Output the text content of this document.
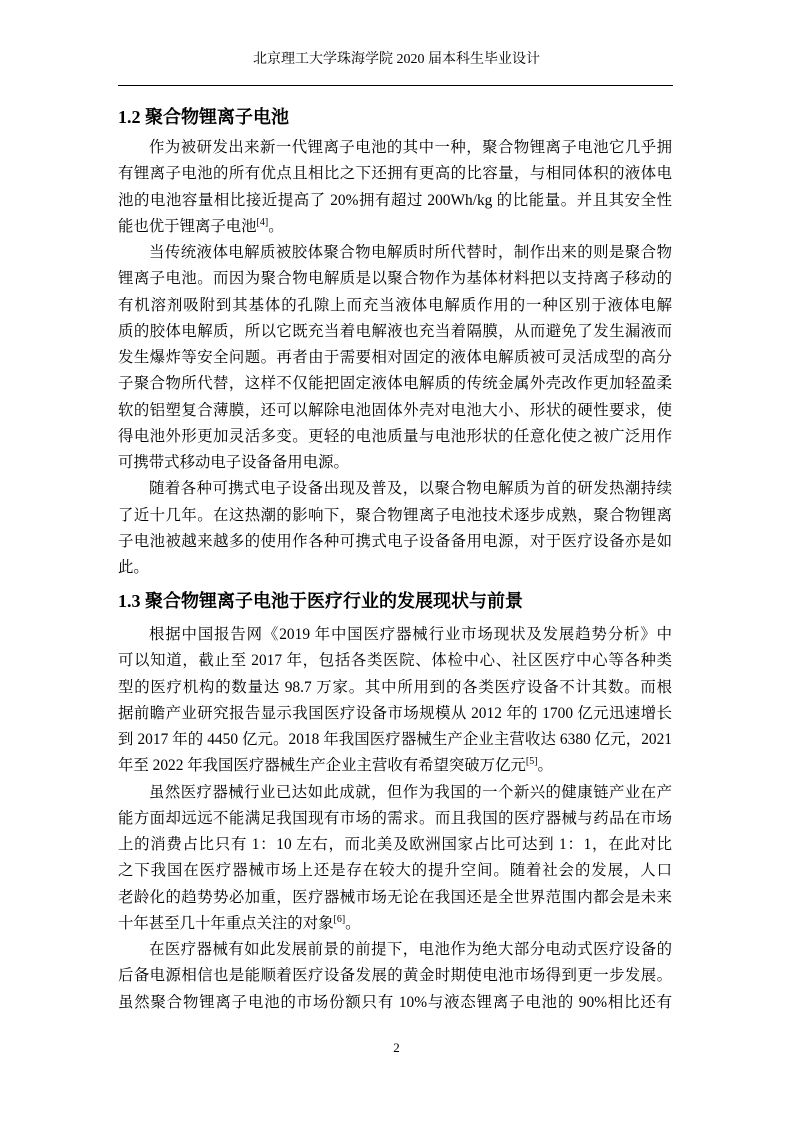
北京理工大学珠海学院 2020 届本科生毕业设计
1.2 聚合物锂离子电池
作为被研发出来新一代锂离子电池的其中一种，聚合物锂离子电池它几乎拥
有锂离子电池的所有优点且相比之下还拥有更高的比容量，与相同体积的液体电
池的电池容量相比接近提高了 20%拥有超过 200Wh/kg 的比能量。并且其安全性
能也优于锂离子电池[4]。
当传统液体电解质被胶体聚合物电解质时所代替时，制作出来的则是聚合物
锂离子电池。而因为聚合物电解质是以聚合物作为基体材料把以支持离子移动的
有机溶剂吸附到其基体的孔隙上而充当液体电解质作用的一种区别于液体电解
质的胶体电解质，所以它既充当着电解液也充当着隔膜，从而避免了发生漏液而
发生爆炸等安全问题。再者由于需要相对固定的液体电解质被可灵活成型的高分
子聚合物所代替，这样不仅能把固定液体电解质的传统金属外壳改作更加轻盈柔
软的铝塑复合薄膜，还可以解除电池固体外壳对电池大小、形状的硬性要求，使
得电池外形更加灵活多变。更轻的电池质量与电池形状的任意化使之被广泛用作
可携带式移动电子设备备用电源。
随着各种可携式电子设备出现及普及，以聚合物电解质为首的研发热潮持续
了近十几年。在这热潮的影响下，聚合物锂离子电池技术逐步成熟，聚合物锂离
子电池被越来越多的使用作各种可携式电子设备备用电源，对于医疗设备亦是如
此。
1.3 聚合物锂离子电池于医疗行业的发展现状与前景
根据中国报告网《2019 年中国医疗器械行业市场现状及发展趋势分析》中
可以知道，截止至 2017 年，包括各类医院、体检中心、社区医疗中心等各种类
型的医疗机构的数量达 98.7 万家。其中所用到的各类医疗设备不计其数。而根
据前瞻产业研究报告显示我国医疗设备市场规模从 2012 年的 1700 亿元迅速增长
到 2017 年的 4450 亿元。2018 年我国医疗器械生产企业主营收达 6380 亿元，2021
年至 2022 年我国医疗器械生产企业主营收有希望突破万亿元[5]。
虽然医疗器械行业已达如此成就，但作为我国的一个新兴的健康链产业在产
能方面却远远不能满足我国现有市场的需求。而且我国的医疗器械与药品在市场
上的消费占比只有 1：10 左右，而北美及欧洲国家占比可达到 1：1，在此对比
之下我国在医疗器械市场上还是存在较大的提升空间。随着社会的发展，人口
老龄化的趋势势必加重，医疗器械市场无论在我国还是全世界范围内都会是未来
十年甚至几十年重点关注的对象[6]。
在医疗器械有如此发展前景的前提下，电池作为绝大部分电动式医疗设备的
后备电源相信也是能顺着医疗设备发展的黄金时期使电池市场得到更一步发展。
虽然聚合物锂离子电池的市场份额只有 10%与液态锂离子电池的 90%相比还有
2
